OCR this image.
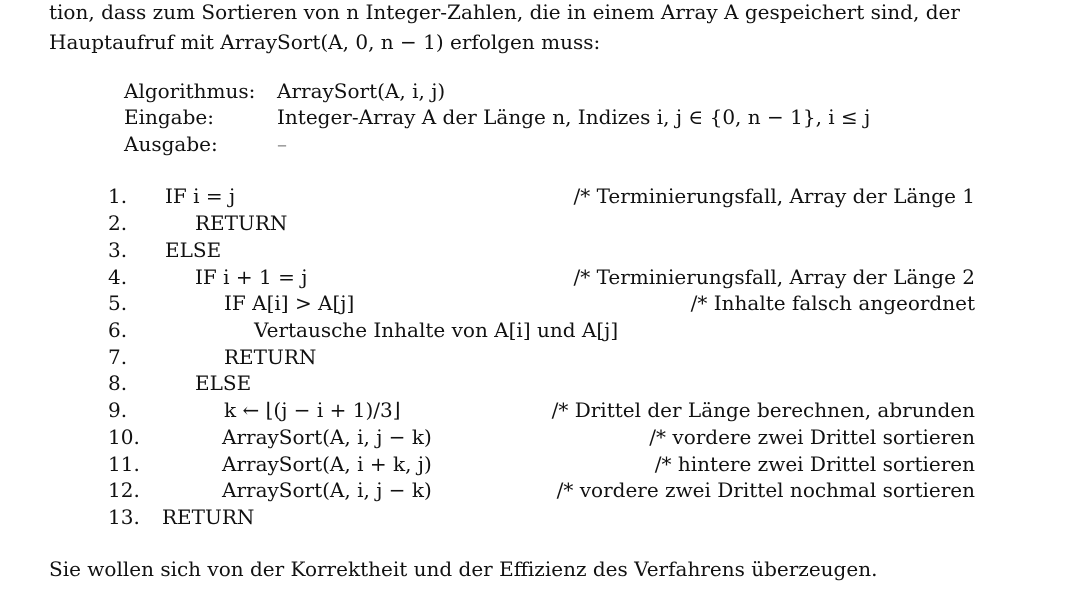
tion, dass zum Sortieren von n Integer-Zahlen, die in einem Array A gespeichert sind, der
Hauptaufruf mit ArraySort(A, 0, n − 1) erfolgen muss:
Algorithmus: ArraySort(A, i, j)
Eingabe:	Integer-Array A der Länge n, Indizes i, j ∈ {0, n − 1}, i ≤ j
Ausgabe:	–
1.	IF i = j	/* Terminierungsfall, Array der Länge 1
2.	RETURN
3.	ELSE
4.	IF i + 1 = j	/* Terminierungsfall, Array der Länge 2
5.	IF A[i] > A[j]	/* Inhalte falsch angeordnet
6.	Vertausche Inhalte von A[i] und A[j]
7.	RETURN
8.	ELSE
9.	k ← ⌊(j − i + 1)/3⌋	/* Drittel der Länge berechnen, abrunden
10.	ArraySort(A, i, j − k)	/* vordere zwei Drittel sortieren
11.	ArraySort(A, i + k, j)	/* hintere zwei Drittel sortieren
12.	ArraySort(A, i, j − k)	/* vordere zwei Drittel nochmal sortieren
13.	RETURN
Sie wollen sich von der Korrektheit und der Effizienz des Verfahrens überzeugen.
